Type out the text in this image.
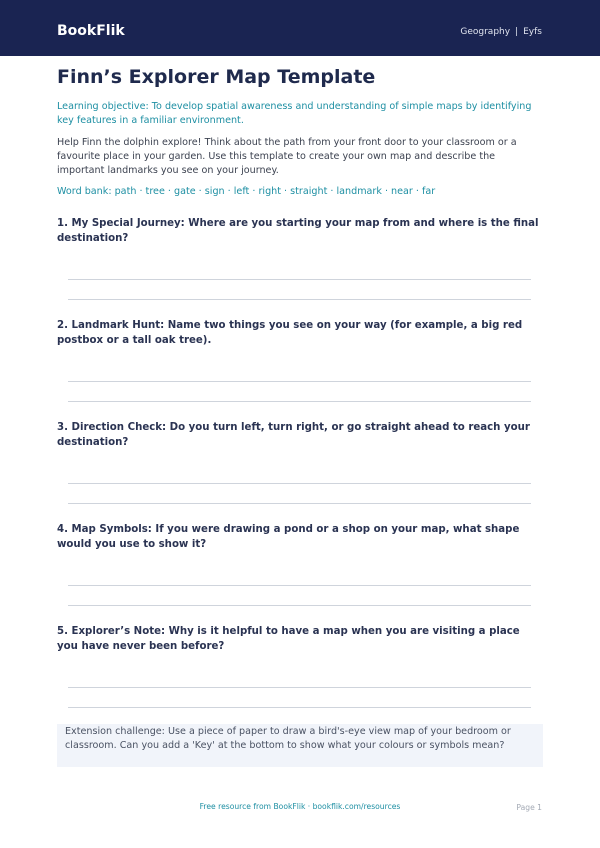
BookFlik	Geography | Eyfs
Finn’s Explorer Map Template

Learning objective: To develop spatial awareness and understanding of simple maps by identifying key features in a familiar environment.

Help Finn the dolphin explore! Think about the path from your front door to your classroom or a favourite place in your garden. Use this template to create your own map and describe the important landmarks you see on your journey.

Word bank: path · tree · gate · sign · left · right · straight · landmark · near · far

1. My Special Journey: Where are you starting your map from and where is the final destination?

2. Landmark Hunt: Name two things you see on your way (for example, a big red postbox or a tall oak tree).

3. Direction Check: Do you turn left, turn right, or go straight ahead to reach your destination?

4. Map Symbols: If you were drawing a pond or a shop on your map, what shape would you use to show it?

5. Explorer’s Note: Why is it helpful to have a map when you are visiting a place you have never been before?

Extension challenge: Use a piece of paper to draw a bird's-eye view map of your bedroom or classroom. Can you add a 'Key' at the bottom to show what your colours or symbols mean?

Free resource from BookFlik · bookflik.com/resources	Page 1
